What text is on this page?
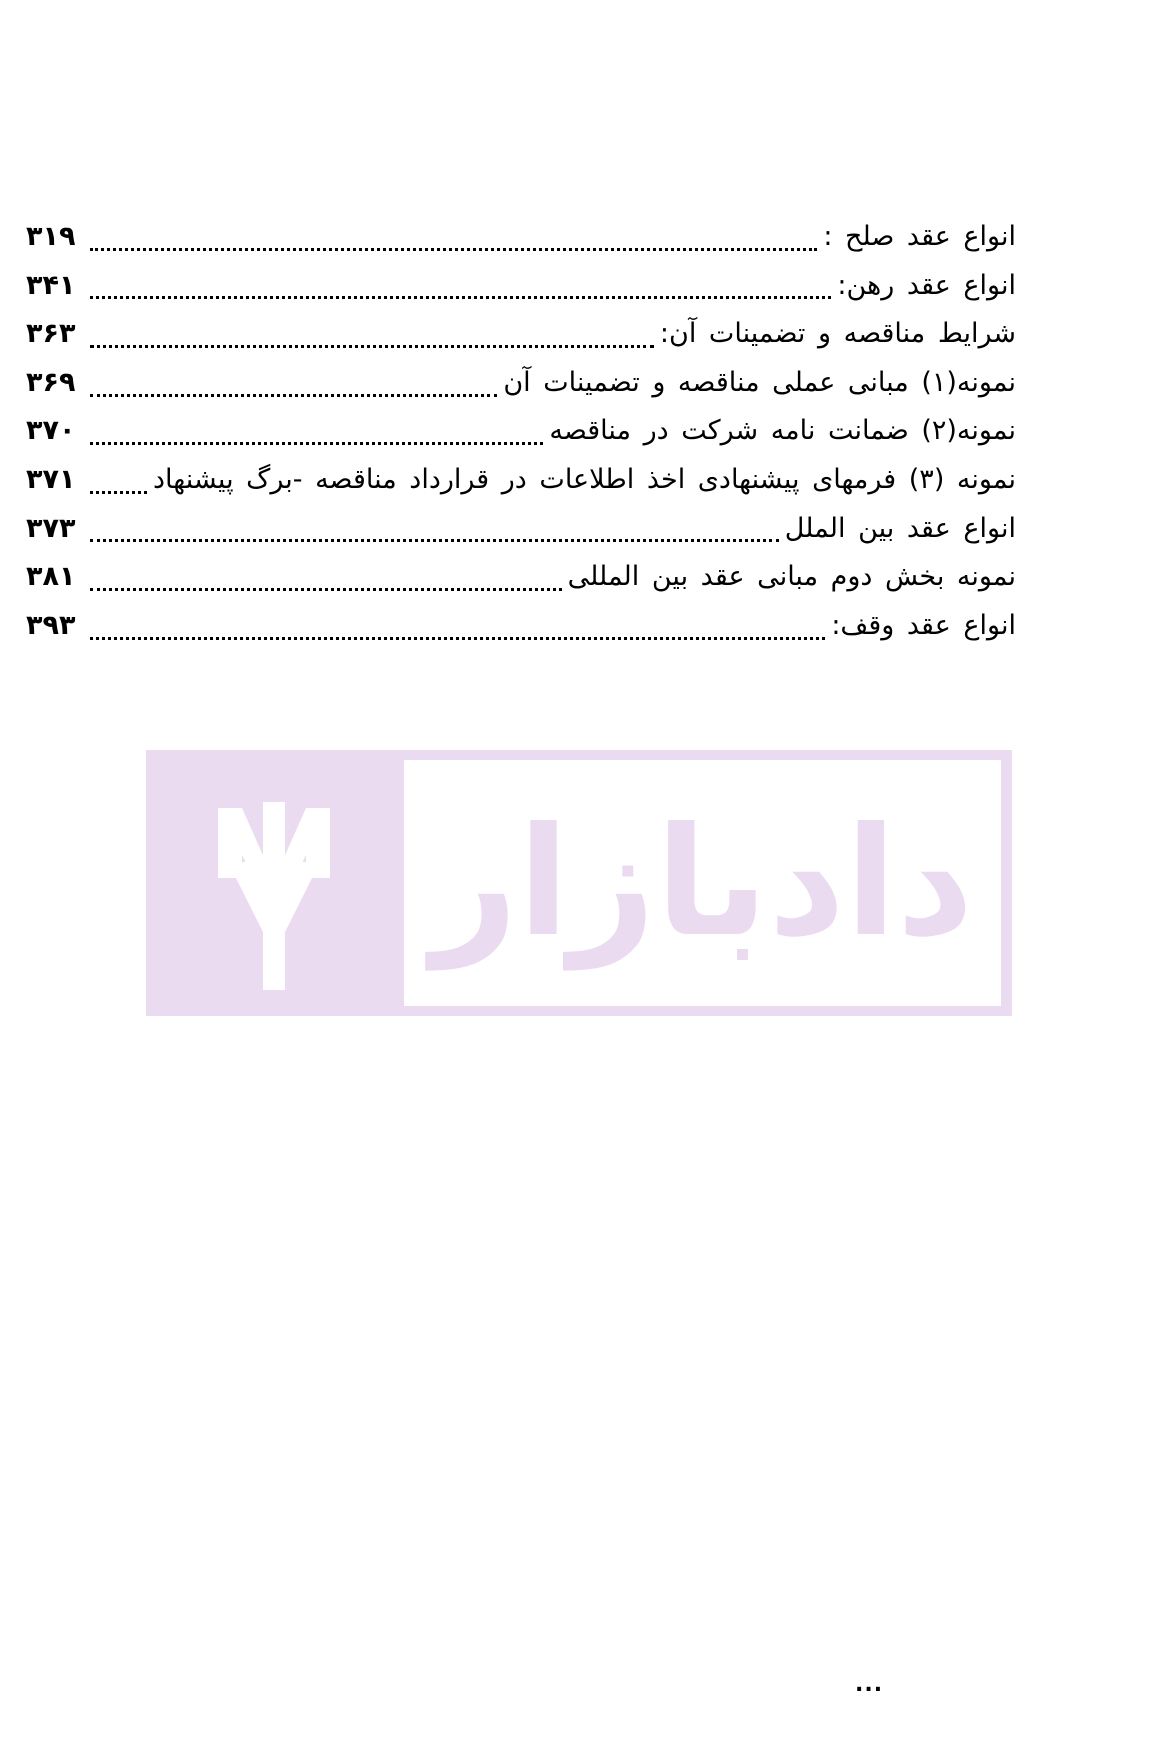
انواع عقد صلح :
۳۱۹
انواع عقد رهن:
۳۴۱
شرایط مناقصه و تضمینات آن:
۳۶۳
نمونه(۱) مبانی عملی مناقصه و تضمینات آن
۳۶۹
نمونه(۲) ضمانت نامه شرکت در مناقصه
۳۷۰
نمونه (۳) فرمهای پیشنهادی اخذ اطلاعات در قرارداد مناقصه -برگ پیشنهاد
۳۷۱
انواع عقد بین الملل
۳۷۳
نمونه بخش دوم مبانی عقد بین المللی
۳۸۱
انواع عقد وقف:
۳۹۳
دادبازار
...
